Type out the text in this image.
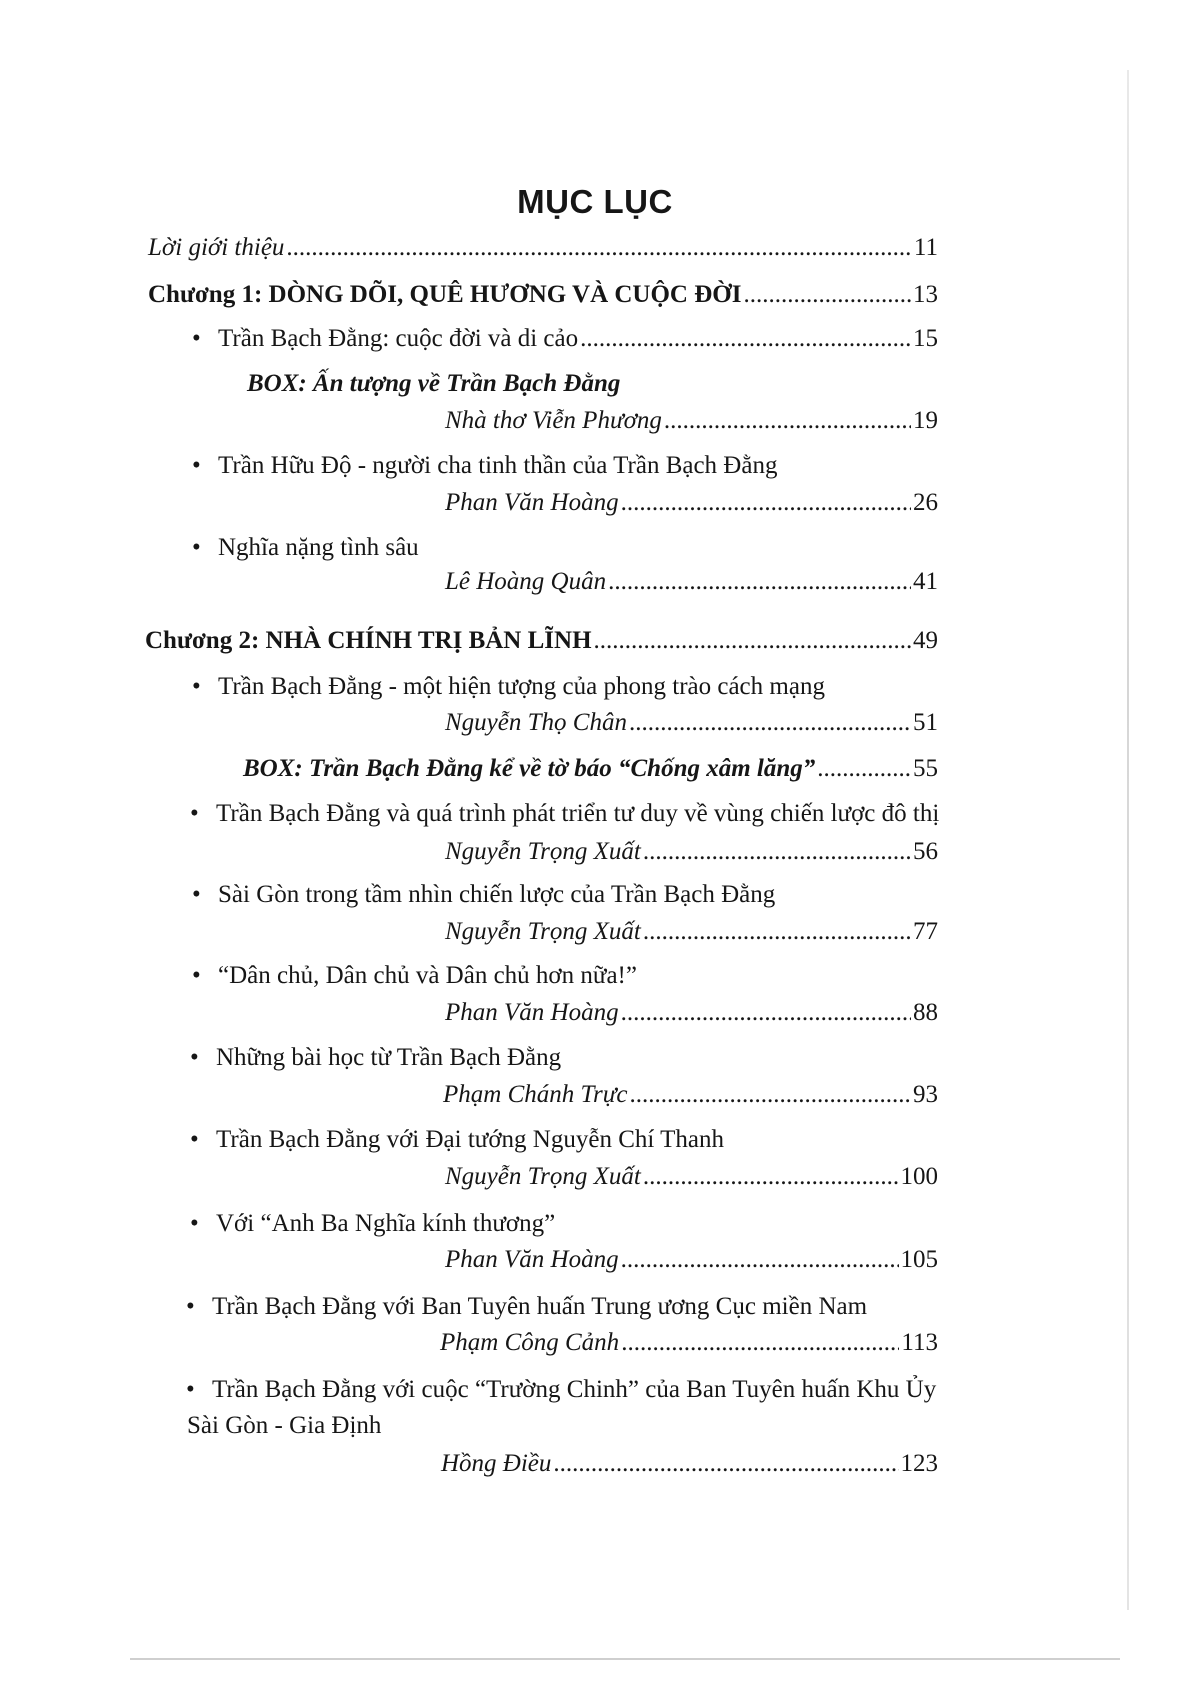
MỤC LỤC
Lời giới thiệu .....	11
Chương 1: DÒNG DÕI, QUÊ HƯƠNG VÀ CUỘC ĐỜI .....	13
• Trần Bạch Đằng: cuộc đời và di cảo .....	15
BOX: Ấn tượng về Trần Bạch Đằng
Nhà thơ Viễn Phương .....	19
• Trần Hữu Độ - người cha tinh thần của Trần Bạch Đằng
Phan Văn Hoàng .....	26
• Nghĩa nặng tình sâu
Lê Hoàng Quân .....	41
Chương 2: NHÀ CHÍNH TRỊ BẢN LĨNH .....	49
• Trần Bạch Đằng - một hiện tượng của phong trào cách mạng
Nguyễn Thọ Chân .....	51
BOX: Trần Bạch Đằng kể về tờ báo “Chống xâm lăng” .....	55
• Trần Bạch Đằng và quá trình phát triển tư duy về vùng chiến lược đô thị
Nguyễn Trọng Xuất .....	56
• Sài Gòn trong tầm nhìn chiến lược của Trần Bạch Đằng
Nguyễn Trọng Xuất .....	77
• “Dân chủ, Dân chủ và Dân chủ hơn nữa!”
Phan Văn Hoàng .....	88
• Những bài học từ Trần Bạch Đằng
Phạm Chánh Trực .....	93
• Trần Bạch Đằng với Đại tướng Nguyễn Chí Thanh
Nguyễn Trọng Xuất .....	100
• Với “Anh Ba Nghĩa kính thương”
Phan Văn Hoàng .....	105
• Trần Bạch Đằng với Ban Tuyên huấn Trung ương Cục miền Nam
Phạm Công Cảnh .....	113
• Trần Bạch Đằng với cuộc “Trường Chinh” của Ban Tuyên huấn Khu Ủy
Sài Gòn - Gia Định
Hồng Điều .....	123
